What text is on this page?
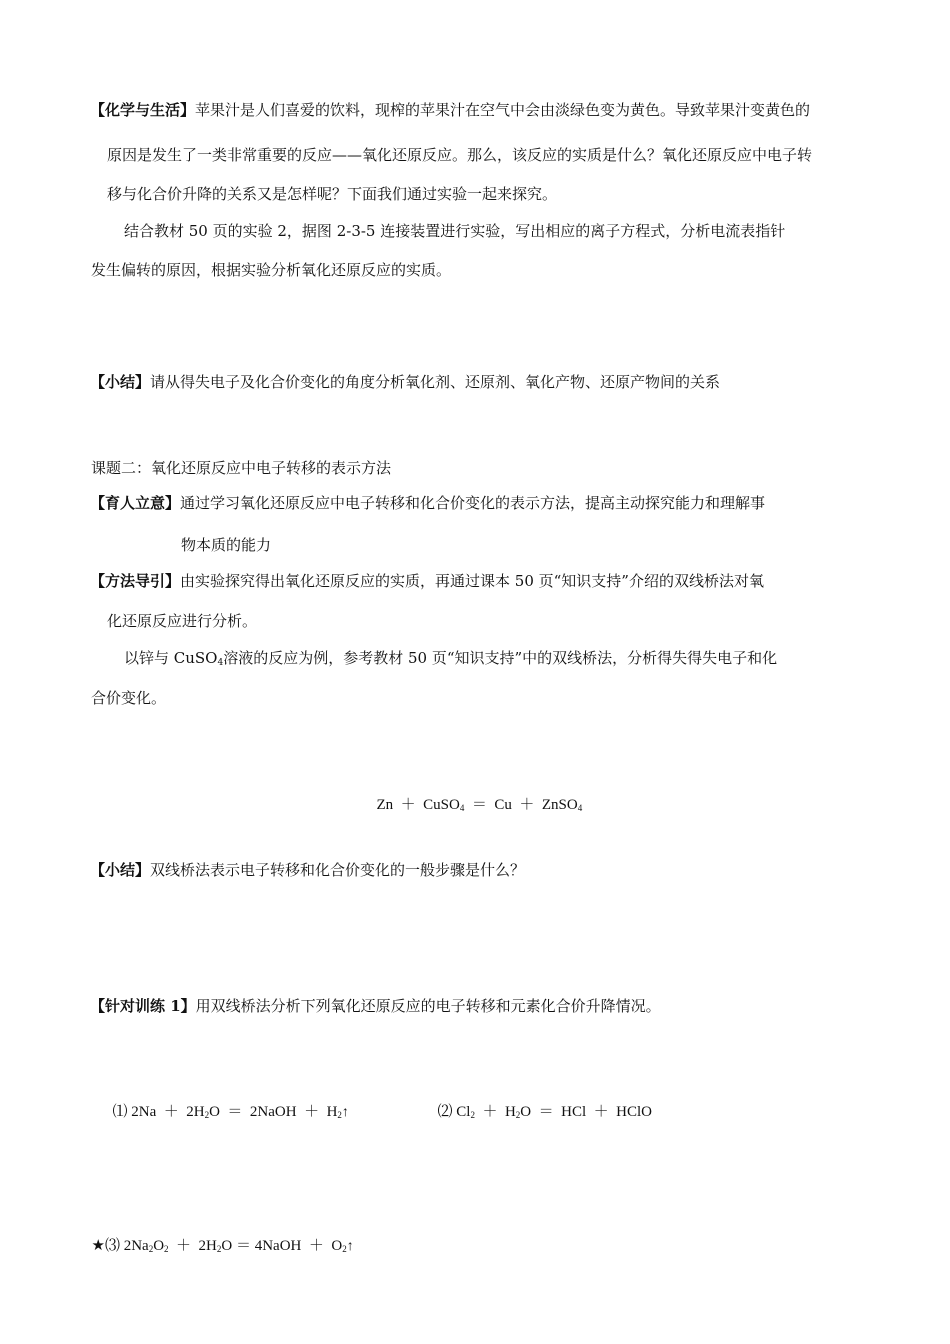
【化学与生活】苹果汁是人们喜爱的饮料，现榨的苹果汁在空气中会由淡绿色变为黄色。导致苹果汁变黄色的
原因是发生了一类非常重要的反应——氧化还原反应。那么，该反应的实质是什么？氧化还原反应中电子转
移与化合价升降的关系又是怎样呢？下面我们通过实验一起来探究。
结合教材 50 页的实验 2，据图 2-3-5 连接装置进行实验，写出相应的离子方程式，分析电流表指针
发生偏转的原因，根据实验分析氧化还原反应的实质。
【小结】请从得失电子及化合价变化的角度分析氧化剂、还原剂、氧化产物、还原产物间的关系
课题二：氧化还原反应中电子转移的表示方法
【育人立意】通过学习氧化还原反应中电子转移和化合价变化的表示方法，提高主动探究能力和理解事
物本质的能力
【方法导引】由实验探究得出氧化还原反应的实质，再通过课本 50 页“知识支持”介绍的双线桥法对氧
化还原反应进行分析。
以锌与 CuSO$_4$溶液的反应为例，参考教材 50 页“知识支持”中的双线桥法，分析得失得失电子和化
合价变化。

Zn  ＋  CuSO$_4$  ＝  Cu  ＋  ZnSO$_4$

【小结】双线桥法表示电子转移和化合价变化的一般步骤是什么？
【针对训练 1】用双线桥法分析下列氧化还原反应的电子转移和元素化合价升降情况。

⑴ $2Na + 2H_2O$  ＝  2NaOH  ＋  $H_2↑$	⑵ $Cl_2 + H_2O$  ＝  HCl  ＋  HClO

★⑶ $2Na_2O_2 + 2H_2O$ ＝ 4NaOH  ＋  $O_2↑$
